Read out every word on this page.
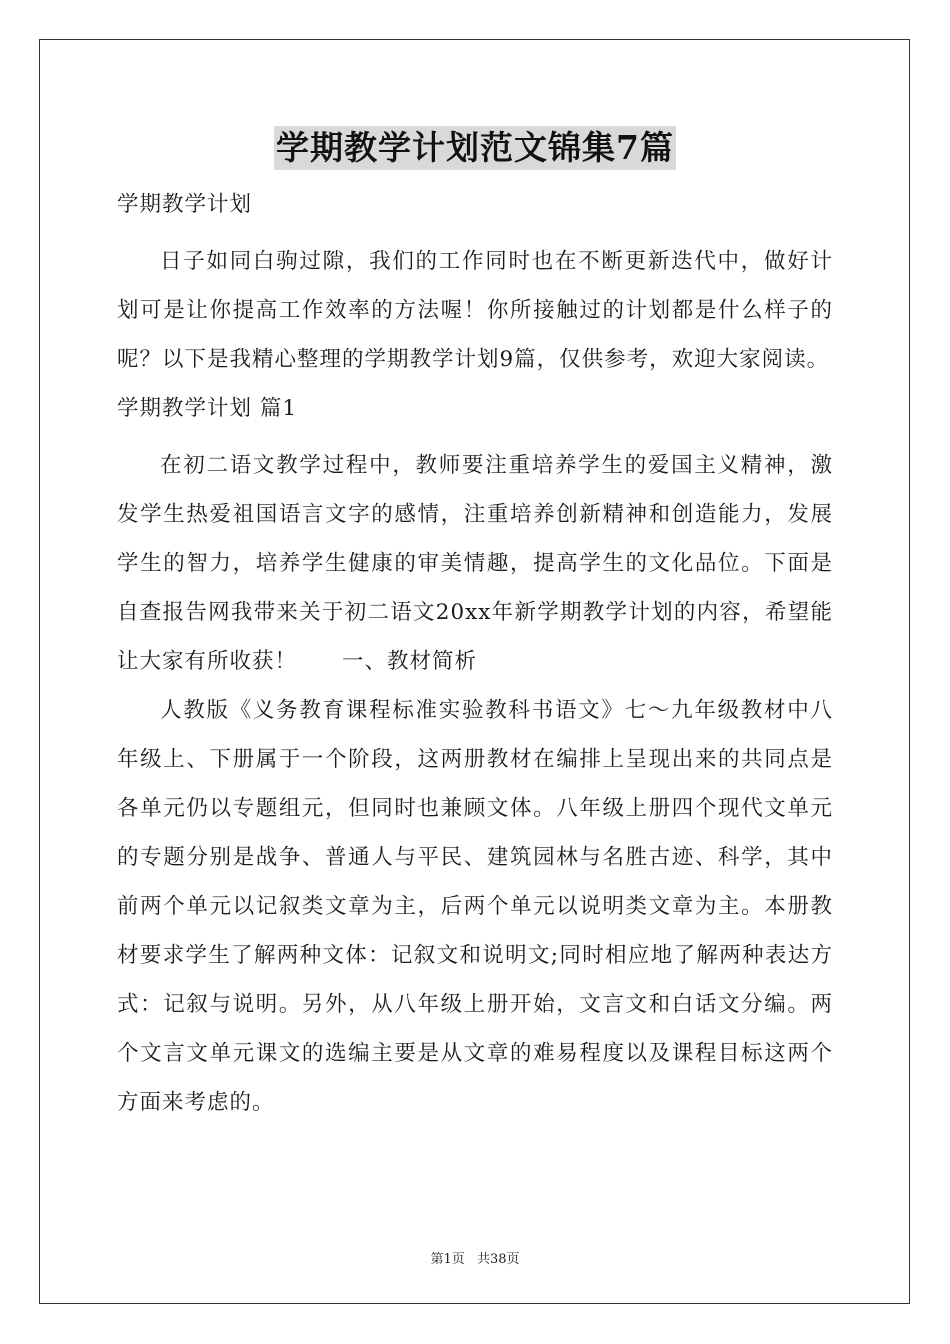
学期教学计划范文锦集7篇

学期教学计划

日子如同白驹过隙，我们的工作同时也在不断更新迭代中，做好计划可是让你提高工作效率的方法喔！你所接触过的计划都是什么样子的呢？以下是我精心整理的学期教学计划9篇，仅供参考，欢迎大家阅读。

学期教学计划 篇1

在初二语文教学过程中，教师要注重培养学生的爱国主义精神，激发学生热爱祖国语言文字的感情，注重培养创新精神和创造能力，发展学生的智力，培养学生健康的审美情趣，提高学生的文化品位。下面是自查报告网我带来关于初二语文20xx年新学期教学计划的内容，希望能让大家有所收获！　　一、教材简析

人教版《义务教育课程标准实验教科书语文》七～九年级教材中八年级上、下册属于一个阶段，这两册教材在编排上呈现出来的共同点是各单元仍以专题组元，但同时也兼顾文体。八年级上册四个现代文单元的专题分别是战争、普通人与平民、建筑园林与名胜古迹、科学，其中前两个单元以记叙类文章为主，后两个单元以说明类文章为主。本册教材要求学生了解两种文体：记叙文和说明文;同时相应地了解两种表达方式：记叙与说明。另外，从八年级上册开始，文言文和白话文分编。两个文言文单元课文的选编主要是从文章的难易程度以及课程目标这两个方面来考虑的。

第1页 共38页
